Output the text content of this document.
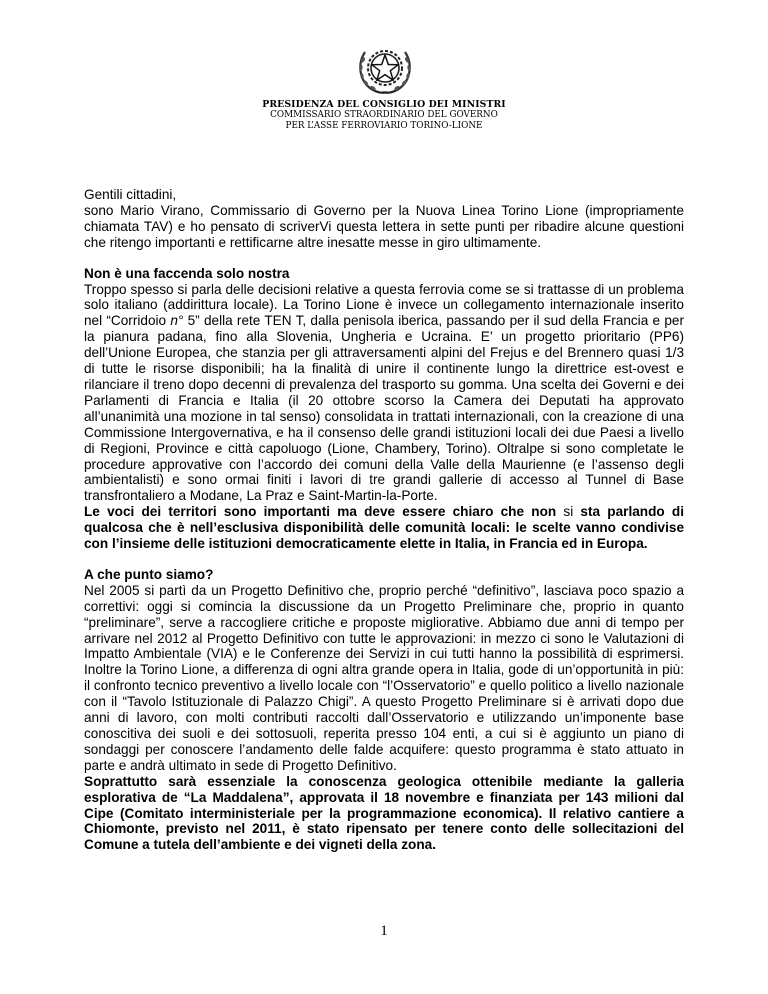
PRESIDENZA DEL CONSIGLIO DEI MINISTRI
COMMISSARIO STRAORDINARIO DEL GOVERNO
PER L’ASSE FERROVIARIO TORINO-LIONE

Gentili cittadini,

sono Mario Virano, Commissario di Governo per la Nuova Linea Torino Lione (impropriamente chiamata TAV) e ho pensato di scriverVi questa lettera in sette punti per ribadire alcune questioni che ritengo importanti e rettificarne altre inesatte messe in giro ultimamente.

Non è una faccenda solo nostra

Troppo spesso si parla delle decisioni relative a questa ferrovia come se si trattasse di un problema solo italiano (addirittura locale). La Torino Lione è invece un collegamento internazionale inserito nel “Corridoio n° 5” della rete TEN T, dalla penisola iberica, passando per il sud della Francia e per la pianura padana, fino alla Slovenia, Ungheria e Ucraina. E’ un progetto prioritario (PP6) dell’Unione Europea, che stanzia per gli attraversamenti alpini del Frejus e del Brennero quasi 1/3 di tutte le risorse disponibili; ha la finalità di unire il continente lungo la direttrice est-ovest e rilanciare il treno dopo decenni di prevalenza del trasporto su gomma. Una scelta dei Governi e dei Parlamenti di Francia e Italia (il 20 ottobre scorso la Camera dei Deputati ha approvato all’unanimità una mozione in tal senso) consolidata in trattati internazionali, con la creazione di una Commissione Intergovernativa, e ha il consenso delle grandi istituzioni locali dei due Paesi a livello di Regioni, Province e città capoluogo (Lione, Chambery, Torino). Oltralpe si sono completate le procedure approvative con l’accordo dei comuni della Valle della Maurienne (e l’assenso degli ambientalisti) e sono ormai finiti i lavori di tre grandi gallerie di accesso al Tunnel di Base transfrontaliero a Modane, La Praz e Saint-Martin-la-Porte.

Le voci dei territori sono importanti ma deve essere chiaro che non si sta parlando di qualcosa che è nell’esclusiva disponibilità delle comunità locali: le scelte vanno condivise con l’insieme delle istituzioni democraticamente elette in Italia, in Francia ed in Europa.

A che punto siamo?

Nel 2005 si partì da un Progetto Definitivo che, proprio perché “definitivo”, lasciava poco spazio a correttivi: oggi si comincia la discussione da un Progetto Preliminare che, proprio in quanto “preliminare”, serve a raccogliere critiche e proposte migliorative. Abbiamo due anni di tempo per arrivare nel 2012 al Progetto Definitivo con tutte le approvazioni: in mezzo ci sono le Valutazioni di Impatto Ambientale (VIA) e le Conferenze dei Servizi in cui tutti hanno la possibilità di esprimersi. Inoltre la Torino Lione, a differenza di ogni altra grande opera in Italia, gode di un’opportunità in più: il confronto tecnico preventivo a livello locale con “l’Osservatorio” e quello politico a livello nazionale con il “Tavolo Istituzionale di Palazzo Chigi”. A questo Progetto Preliminare si è arrivati dopo due anni di lavoro, con molti contributi raccolti dall’Osservatorio e utilizzando un’imponente base conoscitiva dei suoli e dei sottosuoli, reperita presso 104 enti, a cui si è aggiunto un piano di sondaggi per conoscere l’andamento delle falde acquifere: questo programma è stato attuato in parte e andrà ultimato in sede di Progetto Definitivo.

Soprattutto sarà essenziale la conoscenza geologica ottenibile mediante la galleria esplorativa de “La Maddalena”, approvata il 18 novembre e finanziata per 143 milioni dal Cipe (Comitato interministeriale per la programmazione economica). Il relativo cantiere a Chiomonte, previsto nel 2011, è stato ripensato per tenere conto delle sollecitazioni del Comune a tutela dell’ambiente e dei vigneti della zona.

1
